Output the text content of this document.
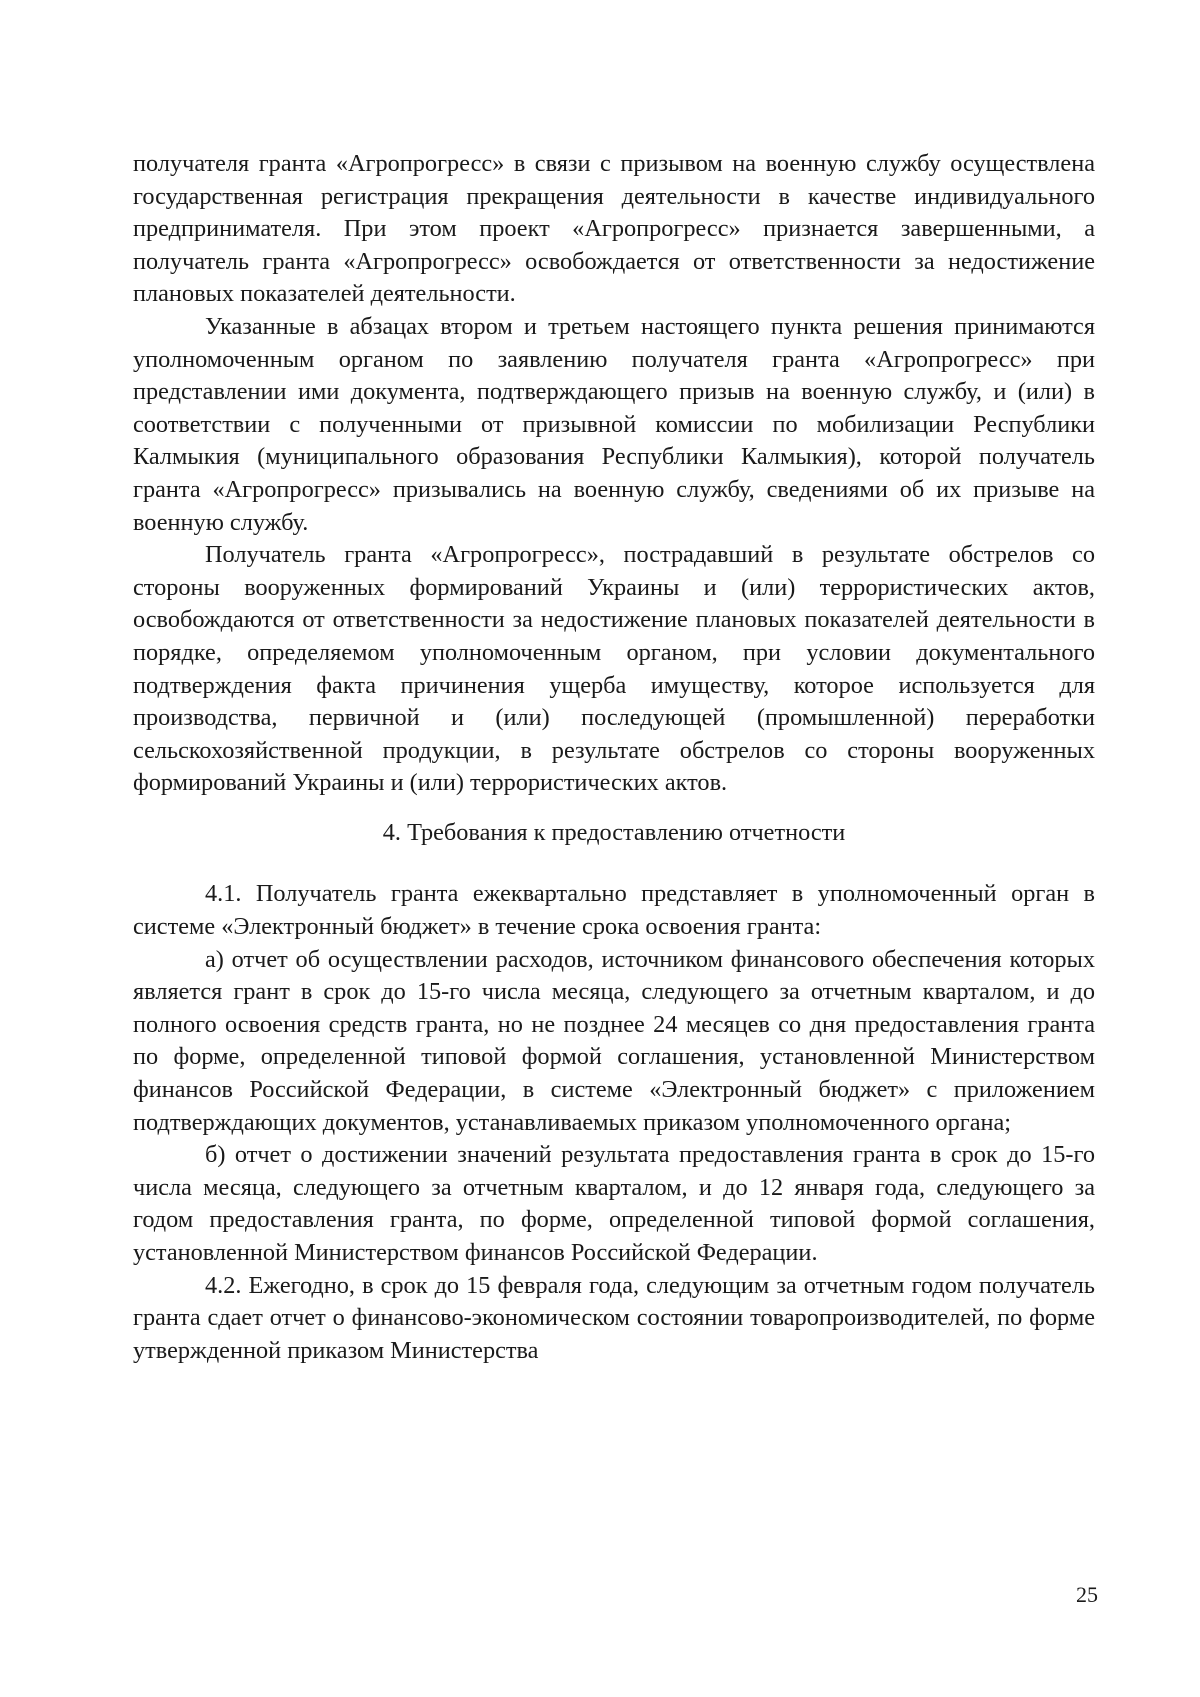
получателя гранта «Агропрогресс» в связи с призывом на военную службу осуществлена государственная регистрация прекращения деятельности в качестве индивидуального предпринимателя. При этом проект «Агропрогресс» признается завершенными, а получатель гранта «Агропрогресс» освобождается от ответственности за недостижение плановых показателей деятельности.

Указанные в абзацах втором и третьем настоящего пункта решения принимаются уполномоченным органом по заявлению получателя гранта «Агропрогресс» при представлении ими документа, подтверждающего призыв на военную службу, и (или) в соответствии с полученными от призывной комиссии по мобилизации Республики Калмыкия (муниципального образования Республики Калмыкия), которой получатель гранта «Агропрогресс» призывались на военную службу, сведениями об их призыве на военную службу.

Получатель гранта «Агропрогресс», пострадавший в результате обстрелов со стороны вооруженных формирований Украины и (или) террористических актов, освобождаются от ответственности за недостижение плановых показателей деятельности в порядке, определяемом уполномоченным органом, при условии документального подтверждения факта причинения ущерба имуществу, которое используется для производства, первичной и (или) последующей (промышленной) переработки сельскохозяйственной продукции, в результате обстрелов со стороны вооруженных формирований Украины и (или) террористических актов.

4. Требования к предоставлению отчетности

4.1. Получатель гранта ежеквартально представляет в уполномоченный орган в системе «Электронный бюджет» в течение срока освоения гранта:

а) отчет об осуществлении расходов, источником финансового обеспечения которых является грант в срок до 15-го числа месяца, следующего за отчетным кварталом, и до полного освоения средств гранта, но не позднее 24 месяцев со дня предоставления гранта по форме, определенной типовой формой соглашения, установленной Министерством финансов Российской Федерации, в системе «Электронный бюджет» с приложением подтверждающих документов, устанавливаемых приказом уполномоченного органа;

б) отчет о достижении значений результата предоставления гранта в срок до 15-го числа месяца, следующего за отчетным кварталом, и до 12 января года, следующего за годом предоставления гранта, по форме, определенной типовой формой соглашения, установленной Министерством финансов Российской Федерации.

4.2. Ежегодно, в срок до 15 февраля года, следующим за отчетным годом получатель гранта сдает отчет о финансово-экономическом состоянии товаропроизводителей, по форме утвержденной приказом Министерства

25
